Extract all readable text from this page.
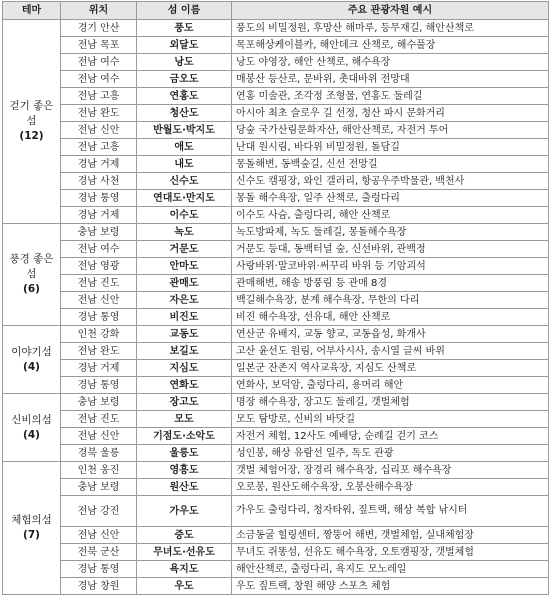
테마	위치	섬 이름	주요 관광자원 예시

걷기 좋은 섬
(12)	경기 안산	풍도	풍도의 비밀정원, 후망산 해마루, 등무재길, 해안산책로
	전남 목포	외달도	목포해상케이블카, 해안데크 산책로, 해수풀장
	전남 여수	낭도	낭도 야영장, 해안 산책로, 해수욕장
	전남 여수	금오도	매봉산 등산로, 문바위, 촛대바위 전망대
	전남 고흥	연홍도	연홍 미술관, 조각정 조형물, 연홍도 둘레길
	전남 완도	청산도	아시아 최초 슬로우 길 선정, 청산 파시 문화거리
	전남 신안	반월도·박지도	당숲 국가산림문화자산, 해안산책로, 자전거 투어
	전남 고흥	애도	난대 원시림, 바다위 비밀정원, 돌담길
	경남 거제	내도	몽돌해변, 동백숲길, 신선 전망길
	경남 사천	신수도	신수도 캠핑장, 와인 갤러리, 항공우주박물관, 백천사
	경남 통영	연대도·만지도	몽돌 해수욕장, 일주 산책로, 출렁다리
	경남 거제	이수도	이수도 사슴, 출렁다리, 해안 산책로

풍경 좋은 섬
(6)	충남 보령	녹도	녹도방파제, 녹도 둘레길, 몽돌해수욕장
	전남 여수	거문도	거문도 등대, 동백터널 숲, 신선바위, 관백정
	전남 영광	안마도	사랑바위·말코바위·써꾸리 바위 등 기암괴석
	전남 진도	관매도	관매해변, 해송 방풍림 등 관매 8경
	전남 신안	자은도	백길해수욕장, 분계 해수욕장, 무한의 다리
	경남 통영	비진도	비진 해수욕장, 선유대, 해안 산책로

이야기섬
(4)	인천 강화	교동도	연산군 유배지, 교동 향교, 교동읍성, 화개사
	전남 완도	보길도	고산 윤선도 원림, 어부사시사, 송시열 글씨 바위
	경남 거제	지심도	일본군 잔존지 역사교육장, 지심도 산책로
	경남 통영	연화도	연화사, 보덕암, 출렁다리, 용머리 해안

신비의섬
(4)	충남 보령	장고도	명장 해수욕장, 장고도 둘레길, 갯벌체험
	전남 진도	모도	모도 탐방로, 신비의 바닷길
	전남 신안	기점도·소악도	자전거 체험, 12사도 예배당, 순례길 걷기 코스
	경북 울릉	울릉도	성인봉, 해상 유람선 일주, 독도 관광

체험의섬
(7)	인천 옹진	영흥도	갯벌 체험어장, 장경리 해수욕장, 십리포 해수욕장
	충남 보령	원산도	오로봉, 원산도해수욕장, 오봉산해수욕장
	전남 강진	가우도	가우도 출렁다리, 청자타워, 짚트랙, 해상 복합 낚시터
	전남 신안	증도	소금동굴 힐링센터, 짱뚱어 해변, 갯벌체험, 실내체험장
	전북 군산	무녀도·선유도	무녀도 쥐똥섬, 선유도 해수욕장, 오토캠핑장, 갯벌체험
	경남 통영	욕지도	해안산책로, 출렁다리, 욕지도 모노레일
	경남 창원	우도	우도 짚트랙, 창원 해양 스포츠 체험
